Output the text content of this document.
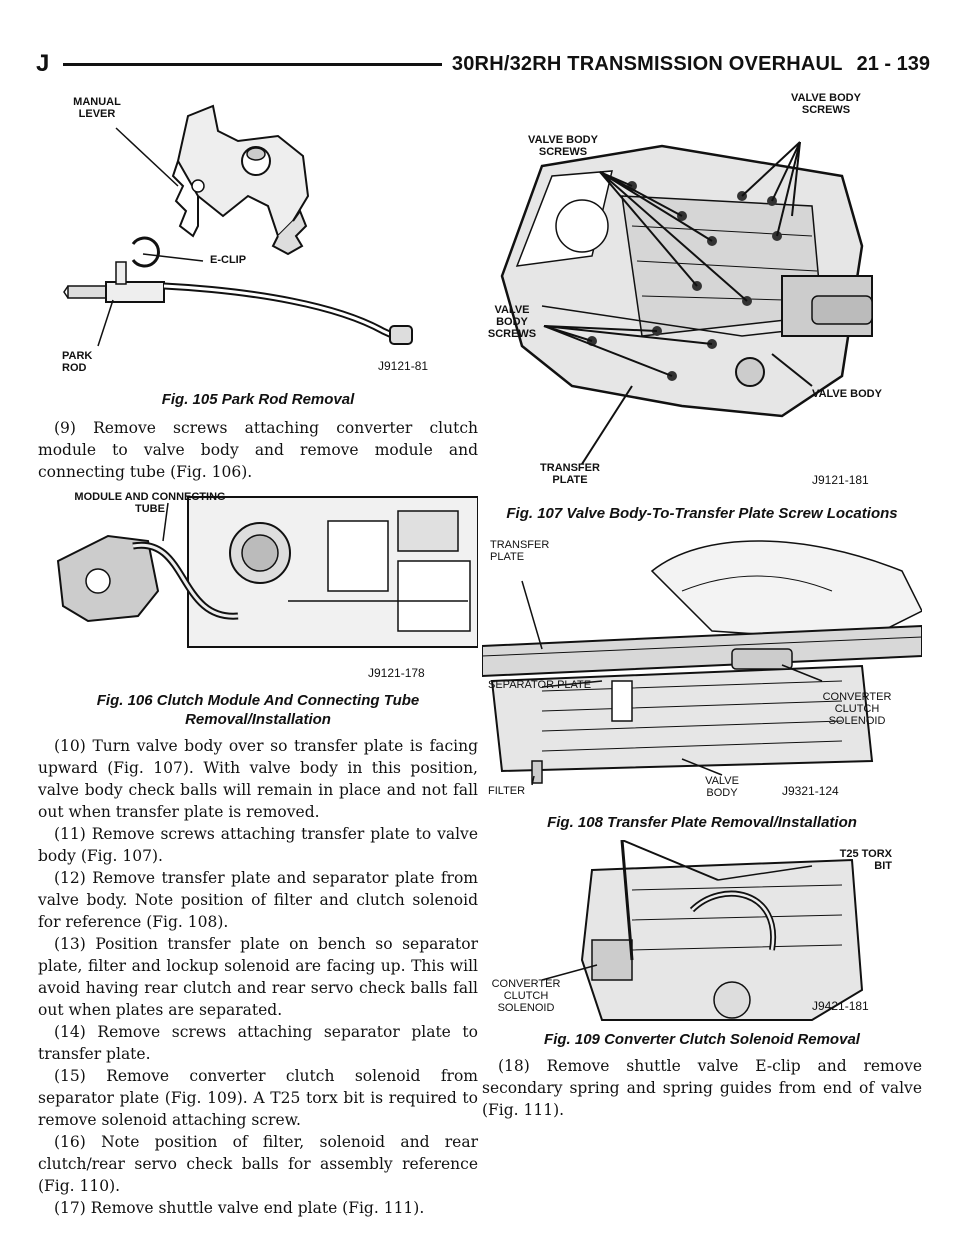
J	30RH/32RH TRANSMISSION OVERHAUL 21 - 139
MANUAL LEVER
E-CLIP
PARK ROD	J9121-81
Fig. 105 Park Rod Removal

(9) Remove screws attaching converter clutch module to valve body and remove module and connecting tube (Fig. 106).

MODULE AND CONNECTING TUBE
J9121-178
Fig. 106 Clutch Module And Connecting Tube Removal/Installation

(10) Turn valve body over so transfer plate is facing upward (Fig. 107). With valve body in this position, valve body check balls will remain in place and not fall out when transfer plate is removed.

(11) Remove screws attaching transfer plate to valve body (Fig. 107).

(12) Remove transfer plate and separator plate from valve body. Note position of filter and clutch solenoid for reference (Fig. 108).

(13) Position transfer plate on bench so separator plate, filter and lockup solenoid are facing up. This will avoid having rear clutch and rear servo check balls fall out when plates are separated.

(14) Remove screws attaching separator plate to transfer plate.

(15) Remove converter clutch solenoid from separator plate (Fig. 109). A T25 torx bit is required to remove solenoid attaching screw.

(16) Note position of filter, solenoid and rear clutch/rear servo check balls for assembly reference (Fig. 110).

(17) Remove shuttle valve end plate (Fig. 111).

VALVE BODY SCREWS
VALVE BODY SCREWS
VALVE BODY SCREWS
VALVE BODY
TRANSFER PLATE	J9121-181
Fig. 107 Valve Body-To-Transfer Plate Screw Locations
TRANSFER PLATE
SEPARATOR PLATE
CONVERTER CLUTCH SOLENOID
FILTER
VALVE BODY	J9321-124
Fig. 108 Transfer Plate Removal/Installation
T25 TORX BIT
CONVERTER CLUTCH SOLENOID	J9421-181
Fig. 109 Converter Clutch Solenoid Removal

(18) Remove shuttle valve E-clip and remove secondary spring and spring guides from end of valve (Fig. 111).
